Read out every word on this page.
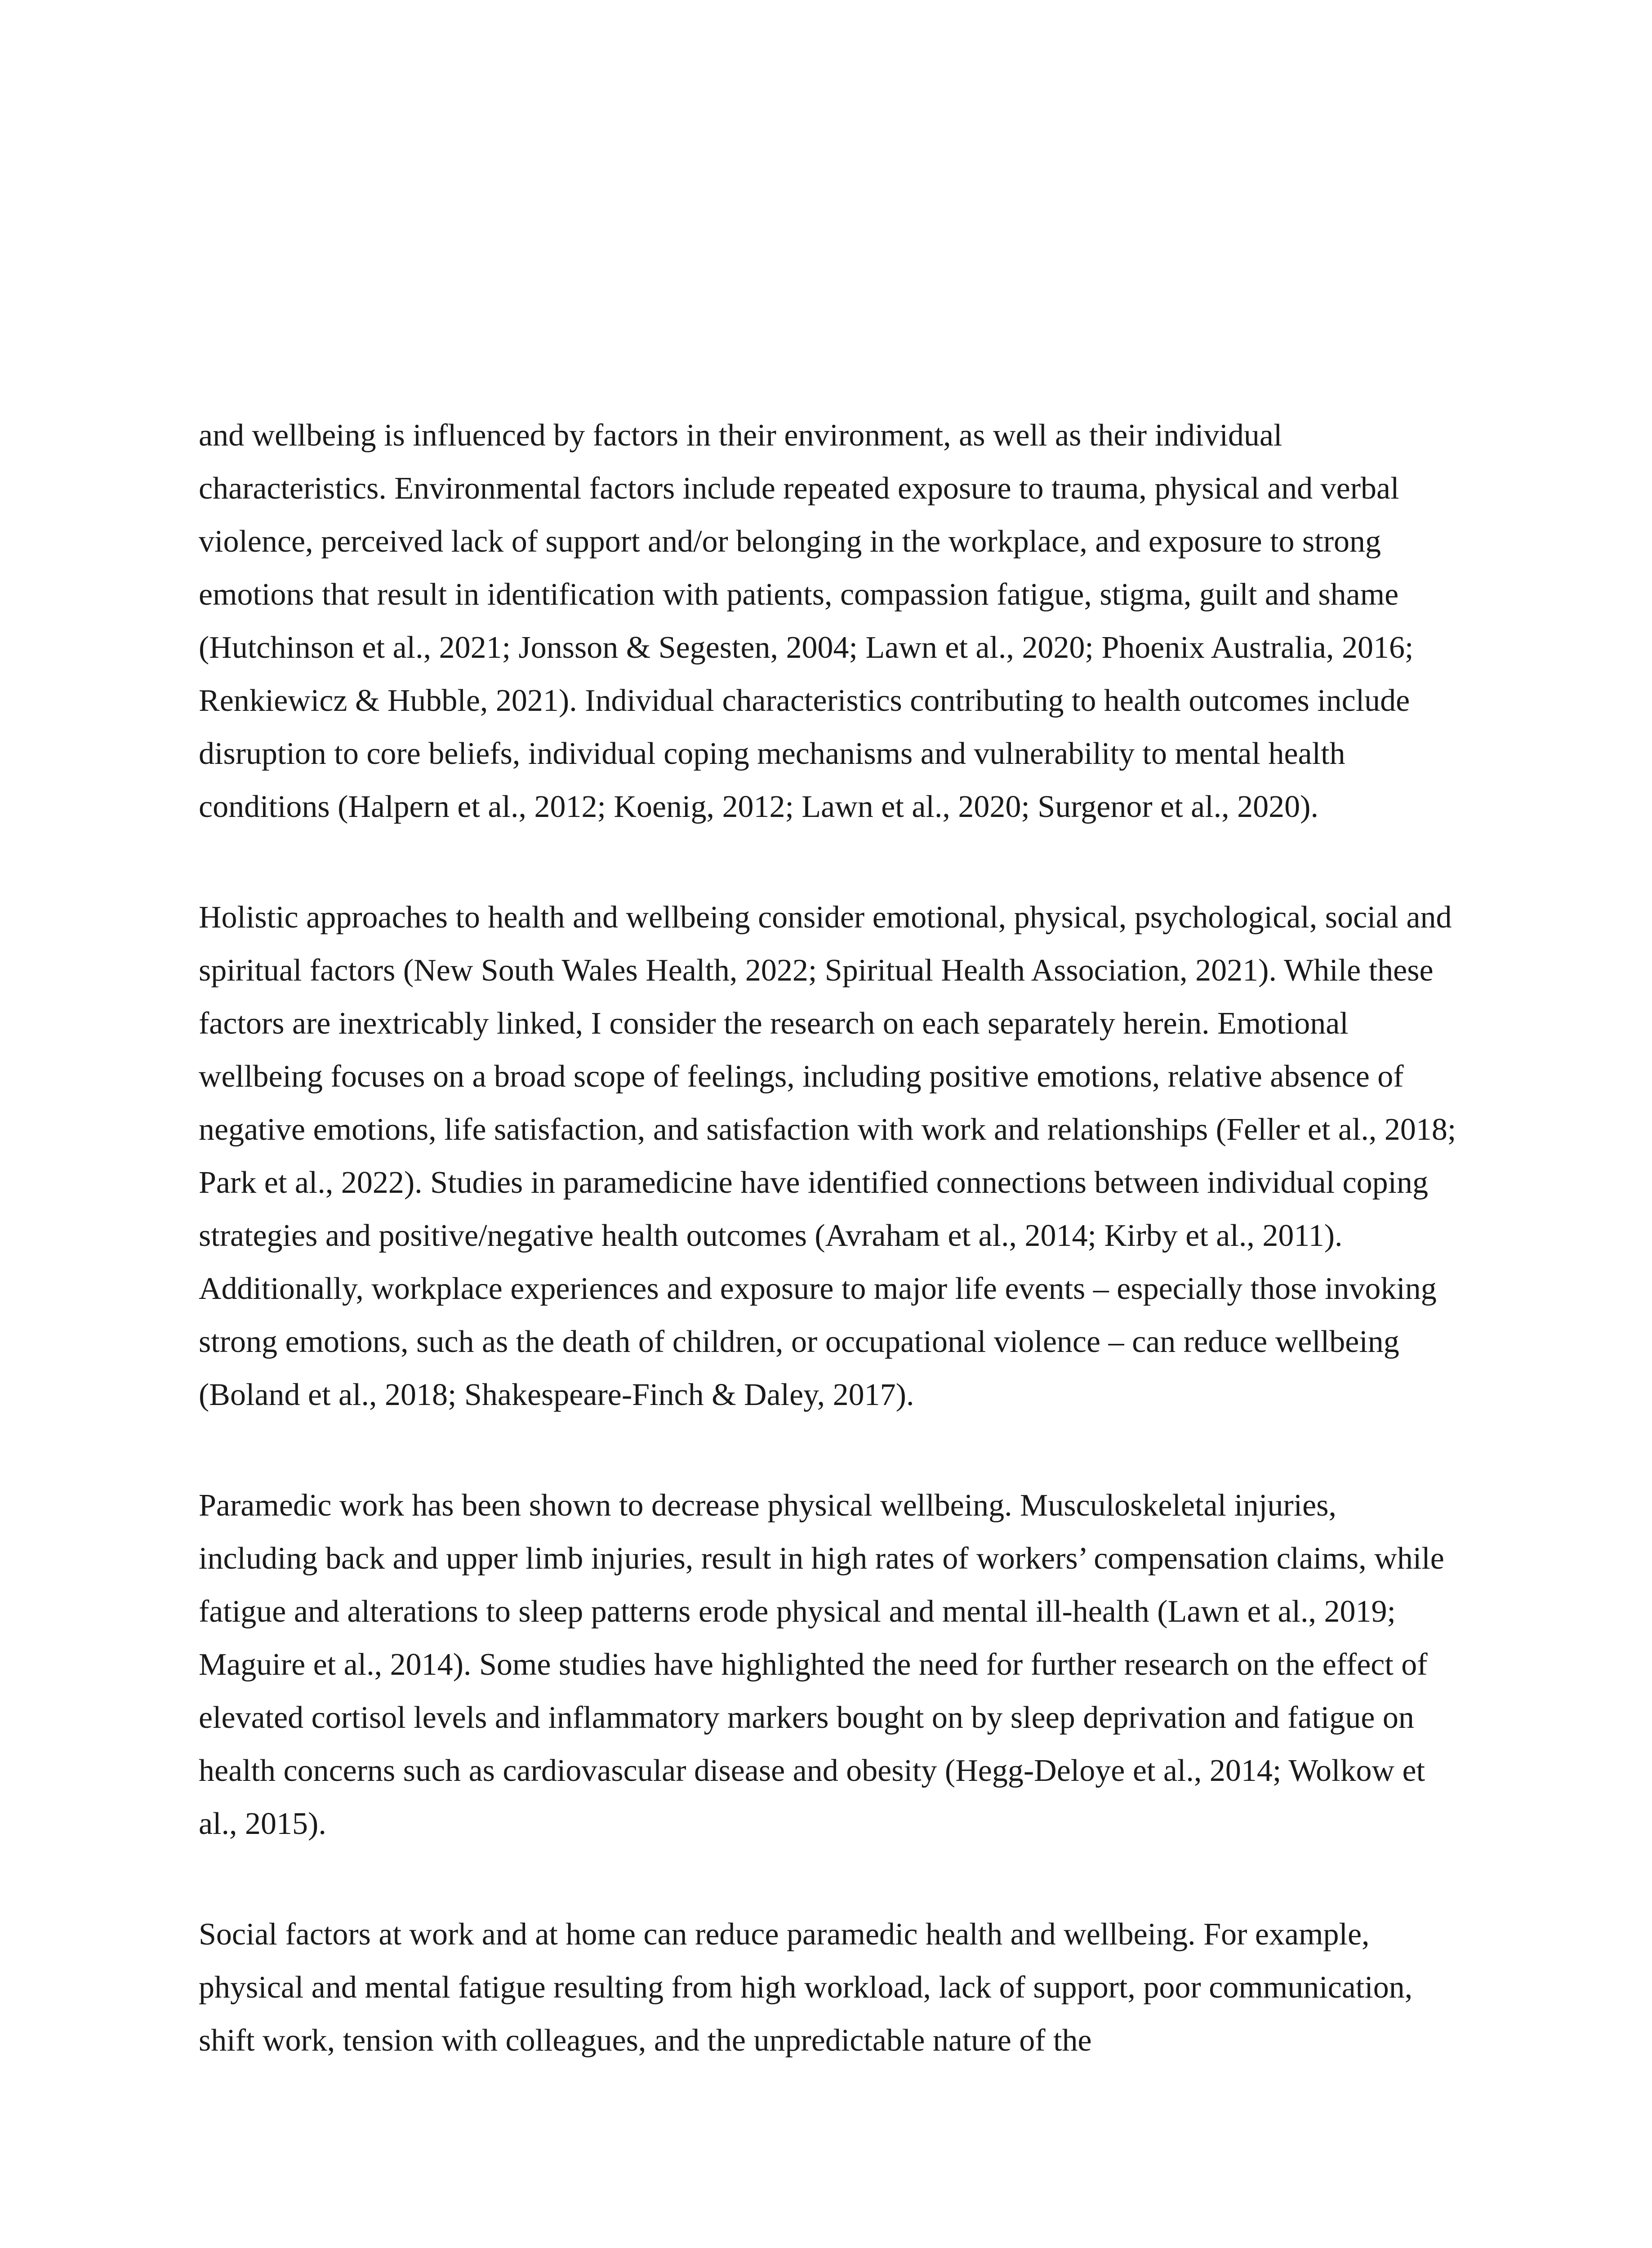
and wellbeing is influenced by factors in their environment, as well as their individual characteristics. Environmental factors include repeated exposure to trauma, physical and verbal violence, perceived lack of support and/or belonging in the workplace, and exposure to strong emotions that result in identification with patients, compassion fatigue, stigma, guilt and shame (Hutchinson et al., 2021; Jonsson & Segesten, 2004; Lawn et al., 2020; Phoenix Australia, 2016; Renkiewicz & Hubble, 2021). Individual characteristics contributing to health outcomes include disruption to core beliefs, individual coping mechanisms and vulnerability to mental health conditions (Halpern et al., 2012; Koenig, 2012; Lawn et al., 2020; Surgenor et al., 2020).

Holistic approaches to health and wellbeing consider emotional, physical, psychological, social and spiritual factors (New South Wales Health, 2022; Spiritual Health Association, 2021). While these factors are inextricably linked, I consider the research on each separately herein. Emotional wellbeing focuses on a broad scope of feelings, including positive emotions, relative absence of negative emotions, life satisfaction, and satisfaction with work and relationships (Feller et al., 2018; Park et al., 2022). Studies in paramedicine have identified connections between individual coping strategies and positive/negative health outcomes (Avraham et al., 2014; Kirby et al., 2011). Additionally, workplace experiences and exposure to major life events – especially those invoking strong emotions, such as the death of children, or occupational violence – can reduce wellbeing (Boland et al., 2018; Shakespeare-Finch & Daley, 2017).

Paramedic work has been shown to decrease physical wellbeing. Musculoskeletal injuries, including back and upper limb injuries, result in high rates of workers’ compensation claims, while fatigue and alterations to sleep patterns erode physical and mental ill-health (Lawn et al., 2019; Maguire et al., 2014). Some studies have highlighted the need for further research on the effect of elevated cortisol levels and inflammatory markers bought on by sleep deprivation and fatigue on health concerns such as cardiovascular disease and obesity (Hegg-Deloye et al., 2014; Wolkow et al., 2015).

Social factors at work and at home can reduce paramedic health and wellbeing. For example, physical and mental fatigue resulting from high workload, lack of support, poor communication, shift work, tension with colleagues, and the unpredictable nature of the
